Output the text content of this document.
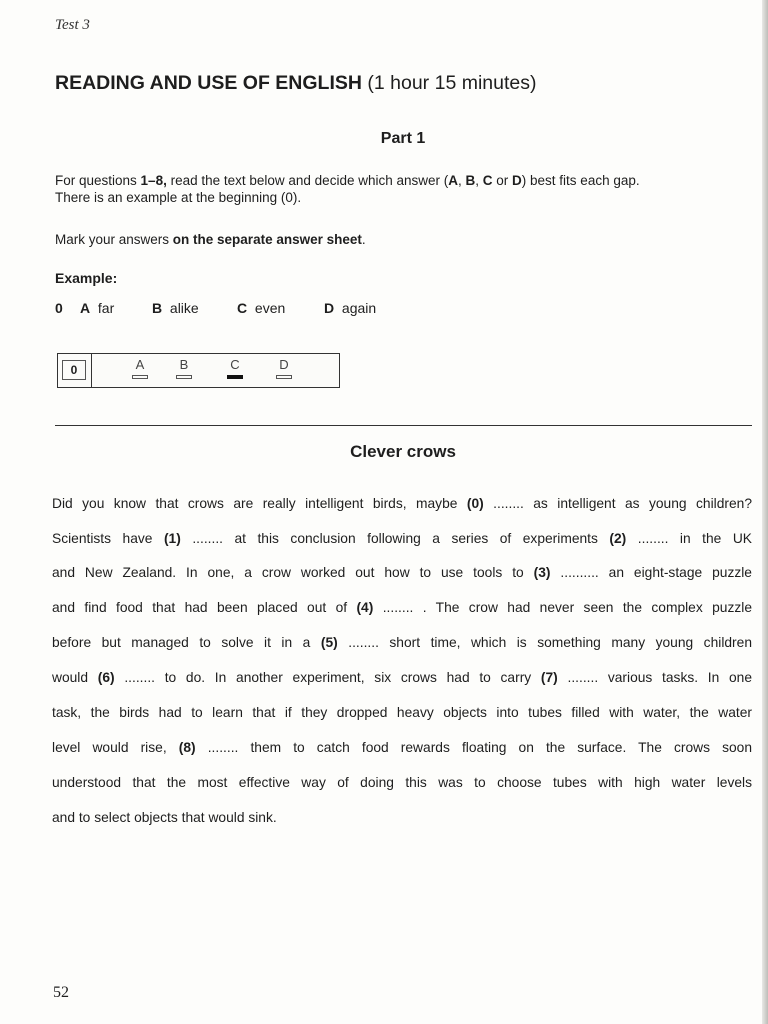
Test 3
READING AND USE OF ENGLISH (1 hour 15 minutes)
Part 1
For questions 1–8, read the text below and decide which answer (A, B, C or D) best fits each gap.
There is an example at the beginning (0).
Mark your answers on the separate answer sheet.
Example:
0 A far	B alike	C even	D again
0	A	B	C	D
Clever crows
Did you know that crows are really intelligent birds, maybe (0) ........ as intelligent as young children?
Scientists have (1) ........ at this conclusion following a series of experiments (2) ........ in the UK
and New Zealand. In one, a crow worked out how to use tools to (3) .......... an eight-stage puzzle
and find food that had been placed out of (4) ........ . The crow had never seen the complex puzzle
before but managed to solve it in a (5) ........ short time, which is something many young children
would (6) ........ to do. In another experiment, six crows had to carry (7) ........ various tasks. In one
task, the birds had to learn that if they dropped heavy objects into tubes filled with water, the water
level would rise, (8) ........ them to catch food rewards floating on the surface. The crows soon
understood that the most effective way of doing this was to choose tubes with high water levels
and to select objects that would sink.
52
